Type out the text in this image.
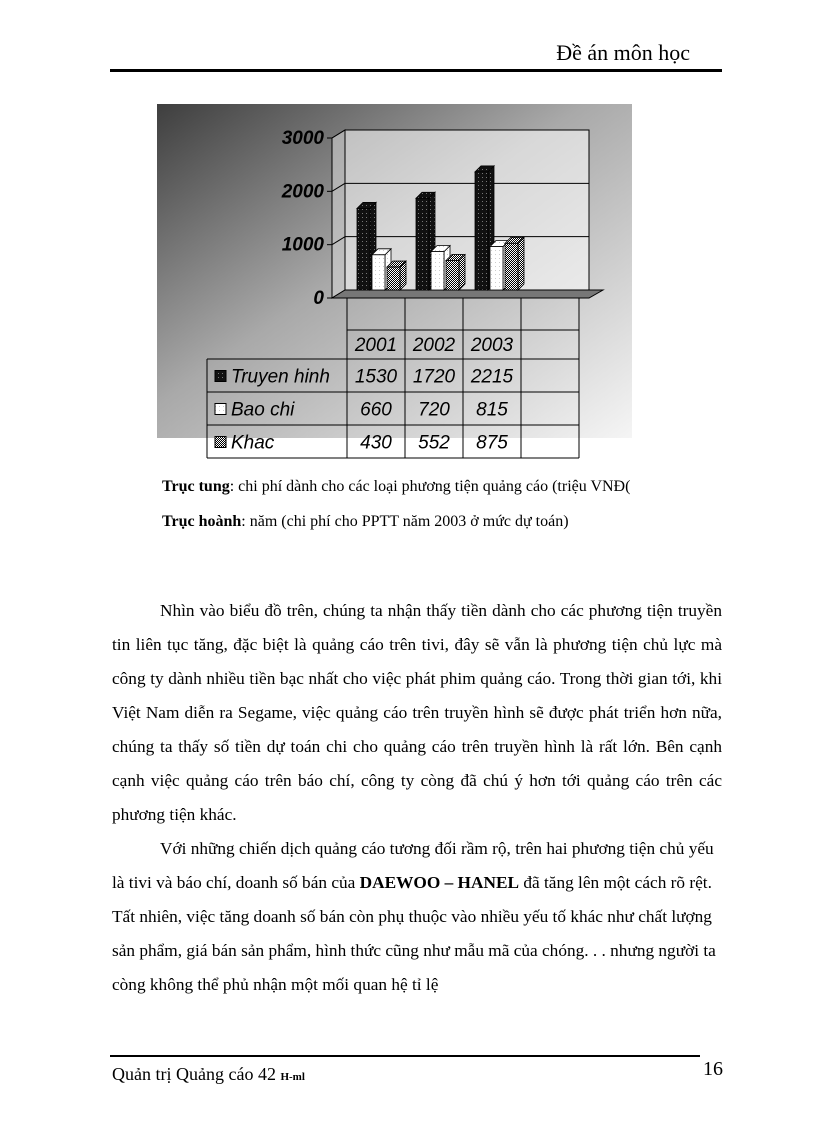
Đề án môn học
0
1000
2000
3000
2001 2002 2003
Truyen hinh 1530 1720 2215
Bao chi	660 720 815
Khac	430 552 875
Trục tung: chi phí dành cho các loại phương tiện quảng cáo (triệu VNĐ(
Trục hoành: năm (chi phí cho PPTT năm 2003 ở mức dự toán)

Nhìn vào biểu đồ trên, chúng ta nhận thấy tiền dành cho các phương tiện truyền tin liên tục tăng, đặc biệt là quảng cáo trên tivi, đây sẽ vẫn là phương tiện chủ lực mà công ty dành nhiều tiền bạc nhất cho việc phát phim quảng cáo. Trong thời gian tới, khi Việt Nam diễn ra Segame, việc quảng cáo trên truyền hình sẽ được phát triển hơn nữa, chúng ta thấy số tiền dự toán chi cho quảng cáo trên truyền hình là rất lớn. Bên cạnh cạnh việc quảng cáo trên báo chí, công ty còng đã chú ý hơn tới quảng cáo trên các phương tiện khác.

Với những chiến dịch quảng cáo tương đối rầm rộ, trên hai phương tiện chủ yếu là tivi và báo chí, doanh số bán của DAEWOO – HANEL đã tăng lên một cách rõ rệt. Tất nhiên, việc tăng doanh số bán còn phụ thuộc vào nhiều yếu tố khác như chất lượng sản phẩm, giá bán sản phẩm, hình thức cũng như mẫu mã của chóng. . . nhưng người ta còng không thể phủ nhận một mối quan hệ tỉ lệ

Quản trị Quảng cáo 42 H-ml	16
